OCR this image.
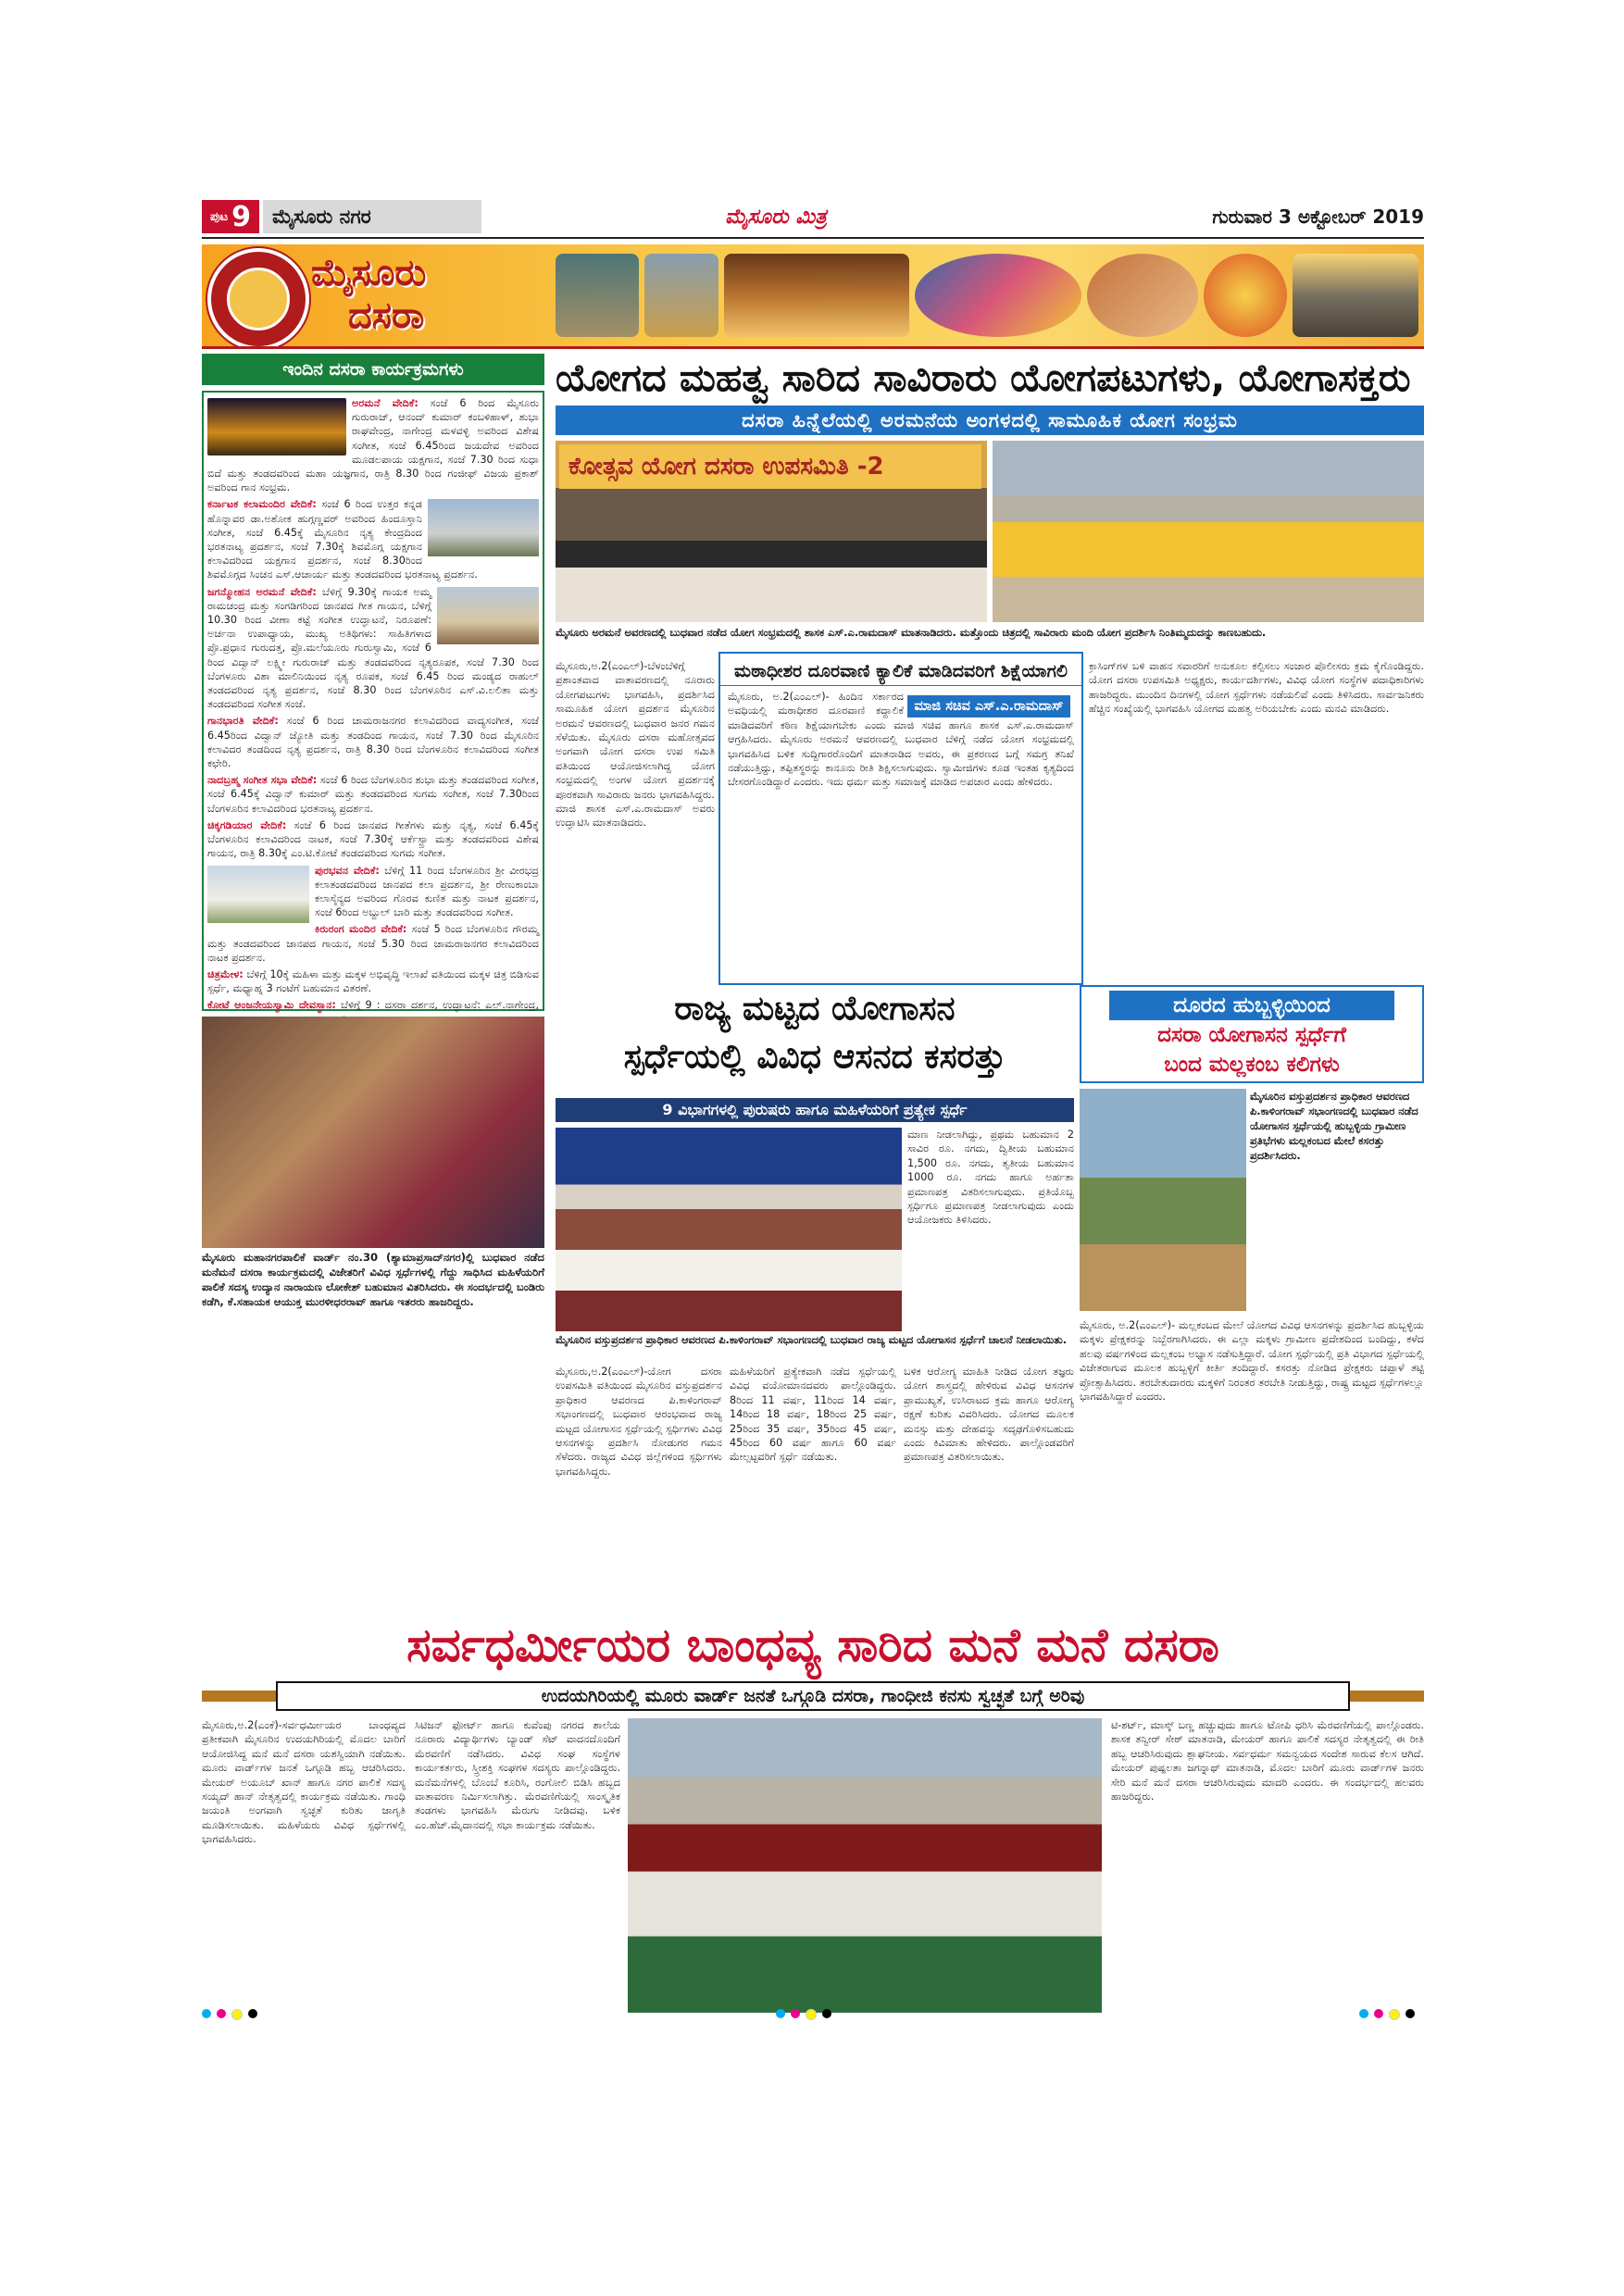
ಪುಟ 9	ಮೈಸೂರು ನಗರ	ಮೈಸೂರು ಮಿತ್ರ	ಗುರುವಾರ 3 ಅಕ್ಟೋಬರ್ 2019
ಮೈಸೂರು
ದಸರಾ
ಇಂದಿನ ದಸರಾ ಕಾರ್ಯಕ್ರಮಗಳು

ಅರಮನೆ ವೇದಿಕೆ: ಸಂಜೆ 6 ರಿಂದ ಮೈಸೂರು ಗುರುರಾಜ್, ಆನಂದ್ ಕುಮಾರ್ ಕಂಬಳಿಹಾಳ್, ಶುಭಾ ರಾಘವೇಂದ್ರ, ನಾಗೇಂದ್ರ ಮಳವಳ್ಳಿ ಅವರಿಂದ ವಿಶೇಷ ಸಂಗೀತ, ಸಂಜೆ 6.45ರಿಂದ ಜಯದೇವ ಅವರಿಂದ ಮೂಡಲಪಾಯ ಯಕ್ಷಗಾನ, ಸಂಜೆ 7.30 ರಿಂದ ಸುಧಾ ಬಿದೆ ಮತ್ತು ತಂಡದವರಿಂದ ಮಹಾ ಯಜ್ಞಗಾನ, ರಾತ್ರಿ 8.30 ರಿಂದ ಗಂಜೀಫ್ ವಿಜಯ ಪ್ರಕಾಶ್ ಅವರಿಂದ ಗಾನ ಸಂಭ್ರಮ.

ಕರ್ನಾಟಕ ಕಲಾಮಂದಿರ ವೇದಿಕೆ: ಸಂಜೆ 6 ರಿಂದ ಉತ್ತರ ಕನ್ನಡ ಹೊನ್ನಾವರ ಡಾ.ಅಶೋಕ ಹುಗ್ಗಣ್ಣವರ್ ಅವರಿಂದ ಹಿಂದೂಸ್ತಾನಿ ಸಂಗೀತ, ಸಂಜೆ 6.45ಕ್ಕೆ ಮೈಸೂರಿನ ನೃತ್ಯ ಕೇಂದ್ರದಿಂದ ಭರತನಾಟ್ಯ ಪ್ರದರ್ಶನ, ಸಂಜೆ 7.30ಕ್ಕೆ ಶಿವಮೊಗ್ಗ ಯಕ್ಷಗಾನ ಕಲಾವಿದರಿಂದ ಯಕ್ಷಗಾನ ಪ್ರದರ್ಶನ, ಸಂಜೆ 8.30ರಿಂದ ಶಿವಮೊಗ್ಗದ ಸಿಂಚನ ಎಸ್.ಆಚಾರ್ಯ ಮತ್ತು ತಂಡದವರಿಂದ ಭರತನಾಟ್ಯ ಪ್ರದರ್ಶನ.

ಜಗನ್ಮೋಹನ ಅರಮನೆ ವೇದಿಕೆ: ಬೆಳಿಗ್ಗೆ 9.30ಕ್ಕೆ ಗಾಯಕ ಅಮ್ಮ ರಾಮಚಂದ್ರ ಮತ್ತು ಸಂಗಡಿಗರಿಂದ ಜಾನಪದ ಗೀತ ಗಾಯನ, ಬೆಳಿಗ್ಗೆ 10.30 ರಿಂದ ವೀಣಾ ಕಟ್ಟೆ ಸಂಗೀತ ಉದ್ಘಾಟನೆ, ನಿರೂಪಣೆ: ಅರ್ಚನಾ ಉಪಾಧ್ಯಾಯ, ಮುಖ್ಯ ಅತಿಥಿಗಳು: ಸಾಹಿತಿಗಳಾದ ಪ್ರೊ.ಪ್ರಧಾನ ಗುರುದತ್ತ, ಪ್ರೊ.ಮಲೆಯೂರು ಗುರುಸ್ವಾಮಿ, ಸಂಜೆ 6 ರಿಂದ ವಿದ್ವಾನ್ ಲಕ್ಷ್ಮೀ ಗುರುರಾಜ್ ಮತ್ತು ತಂಡದವರಿಂದ ನೃತ್ಯರೂಪಕ, ಸಂಜೆ 7.30 ರಿಂದ ಬೆಂಗಳೂರು ವಿಶಾ ಮಾಲಿನಿಯಿಂದ ನೃತ್ಯ ರೂಪಕ, ಸಂಜೆ 6.45 ರಿಂದ ಮಂಡ್ಯದ ರಾಹುಲ್ ತಂಡದವರಿಂದ ನೃತ್ಯ ಪ್ರದರ್ಶನ, ಸಂಜೆ 8.30 ರಿಂದ ಬೆಂಗಳೂರಿನ ಎಸ್.ವಿ.ಲಲಿತಾ ಮತ್ತು ತಂಡದವರಿಂದ ಸಂಗೀತ ಸಂಜೆ.

ಗಾನಭಾರತಿ ವೇದಿಕೆ: ಸಂಜೆ 6 ರಿಂದ ಚಾಮರಾಜನಗರ ಕಲಾವಿದರಿಂದ ವಾದ್ಯಸಂಗೀತ, ಸಂಜೆ 6.45ರಿಂದ ವಿದ್ವಾನ್ ಜ್ಯೋತಿ ಮತ್ತು ತಂಡದಿಂದ ಗಾಯನ, ಸಂಜೆ 7.30 ರಿಂದ ಮೈಸೂರಿನ ಕಲಾವಿದರ ತಂಡದಿಂದ ನೃತ್ಯ ಪ್ರದರ್ಶನ, ರಾತ್ರಿ 8.30 ರಿಂದ ಬೆಂಗಳೂರಿನ ಕಲಾವಿದರಿಂದ ಸಂಗೀತ ಕಛೇರಿ.

ನಾದಬ್ರಹ್ಮ ಸಂಗೀತ ಸಭಾ ವೇದಿಕೆ: ಸಂಜೆ 6 ರಿಂದ ಬೆಂಗಳೂರಿನ ಶುಭಾ ಮತ್ತು ತಂಡದವರಿಂದ ಸಂಗೀತ, ಸಂಜೆ 6.45ಕ್ಕೆ ವಿದ್ವಾನ್ ಕುಮಾರ್ ಮತ್ತು ತಂಡದವರಿಂದ ಸುಗಮ ಸಂಗೀತ, ಸಂಜೆ 7.30ರಿಂದ ಬೆಂಗಳೂರಿನ ಕಲಾವಿದರಿಂದ ಭರತನಾಟ್ಯ ಪ್ರದರ್ಶನ.

ಚಿಕ್ಕಗಡಿಯಾರ ವೇದಿಕೆ: ಸಂಜೆ 6 ರಿಂದ ಜಾನಪದ ಗೀತೆಗಳು ಮತ್ತು ನೃತ್ಯ, ಸಂಜೆ 6.45ಕ್ಕೆ ಬೆಂಗಳೂರಿನ ಕಲಾವಿದರಿಂದ ನಾಟಕ, ಸಂಜೆ 7.30ಕ್ಕೆ ಆರ್ಕೆಸ್ಟ್ರಾ ಮತ್ತು ತಂಡದವರಿಂದ ವಿಶೇಷ ಗಾಯನ, ರಾತ್ರಿ 8.30ಕ್ಕೆ ಎಂ.ಟಿ.ಕೋಟೆ ತಂಡದವರಿಂದ ಸುಗಮ ಸಂಗೀತ.

ಪುರಭವನ ವೇದಿಕೆ: ಬೆಳಿಗ್ಗೆ 11 ರಿಂದ ಬೆಂಗಳೂರಿನ ಶ್ರೀ ವೀರಭದ್ರ ಕಲಾತಂಡದವರಿಂದ ಜಾನಪದ ಕಲಾ ಪ್ರದರ್ಶನ, ಶ್ರೀ ರೇಣುಕಾಂಬಾ ಕಲಾಸೈನ್ಯದ ಅವರಿಂದ ಗೊರವ ಕುಣಿತ ಮತ್ತು ನಾಟಕ ಪ್ರದರ್ಶನ, ಸಂಜೆ 6ರಿಂದ ಅಬ್ದುಲ್ ಬಾರಿ ಮತ್ತು ತಂಡದವರಿಂದ ಸಂಗೀತ.

ಕಿರುರಂಗ ಮಂದಿರ ವೇದಿಕೆ: ಸಂಜೆ 5 ರಿಂದ ಬೆಂಗಳೂರಿನ ಗೌರಮ್ಮ ಮತ್ತು ತಂಡದವರಿಂದ ಜಾನಪದ ಗಾಯನ, ಸಂಜೆ 5.30 ರಿಂದ ಚಾಮರಾಜನಗರ ಕಲಾವಿದರಿಂದ ನಾಟಕ ಪ್ರದರ್ಶನ.

ಚಿತ್ರಮೇಳ: ಬೆಳಿಗ್ಗೆ 10ಕ್ಕೆ ಮಹಿಳಾ ಮತ್ತು ಮಕ್ಕಳ ಅಭಿವೃದ್ಧಿ ಇಲಾಖೆ ವತಿಯಿಂದ ಮಕ್ಕಳ ಚಿತ್ರ ಬಿಡಿಸುವ ಸ್ಪರ್ಧೆ, ಮಧ್ಯಾಹ್ನ 3 ಗಂಟೆಗೆ ಬಹುಮಾನ ವಿತರಣೆ.

ಕೋಟೆ ಆಂಜನೇಯಸ್ವಾಮಿ ದೇವಸ್ಥಾನ: ಬೆಳಿಗ್ಗೆ 9 : ದಸರಾ ದರ್ಶನ, ಉದ್ಘಾಟನೆ: ಎಲ್.ನಾಗೇಂದ್ರ,

ಮೈಸೂರು ಮಹಾನಗರಪಾಲಿಕೆ ವಾರ್ಡ್ ನಂ.30 (ಶ್ಯಾಮಾಪ್ರಸಾದ್‌ನಗರ)ಲ್ಲಿ ಬುಧವಾರ ನಡೆದ ಮನೆಮನೆ ದಸರಾ ಕಾರ್ಯಕ್ರಮದಲ್ಲಿ ವಿಜೇತರಿಗೆ ವಿವಿಧ ಸ್ಪರ್ಧೆಗಳಲ್ಲಿ ಗೆದ್ದು ಸಾಧಿಸಿದ ಮಹಿಳೆಯರಿಗೆ ಪಾಲಿಕೆ ಸದಸ್ಯ ಉದ್ಯಾನ ನಾರಾಯಣ ಲೋಕೇಶ್ ಬಹುಮಾನ ವಿತರಿಸಿದರು. ಈ ಸಂದರ್ಭದಲ್ಲಿ ಬಂಡಿರು ಕಡೆಗಿ, ಕೆ.ಸಹಾಯಕ ಆಯುಕ್ತ ಮುರಳೀಧರರಾವ್ ಹಾಗೂ ಇತರರು ಹಾಜರಿದ್ದರು.
ಯೋಗದ ಮಹತ್ವ ಸಾರಿದ ಸಾವಿರಾರು ಯೋಗಪಟುಗಳು, ಯೋಗಾಸಕ್ತರು
ದಸರಾ ಹಿನ್ನೆಲೆಯಲ್ಲಿ ಅರಮನೆಯ ಅಂಗಳದಲ್ಲಿ ಸಾಮೂಹಿಕ ಯೋಗ ಸಂಭ್ರಮ
ಕೋತ್ಸವ ಯೋಗ ದಸರಾ ಉಪಸಮಿತಿ -2
ಮೈಸೂರು ಅರಮನೆ ಅವರಣದಲ್ಲಿ ಬುಧವಾರ ನಡೆದ ಯೋಗ ಸಂಭ್ರಮದಲ್ಲಿ ಶಾಸಕ ಎಸ್.ಎ.ರಾಮದಾಸ್ ಮಾತನಾಡಿದರು. ಮತ್ತೊಂದು ಚಿತ್ರದಲ್ಲಿ ಸಾವಿರಾರು ಮಂದಿ ಯೋಗ ಪ್ರದರ್ಶಿಸಿ ನಿಂತಿಮ್ಮದುದನ್ನು ಕಾಣಬಹುದು.

ಮೈಸೂರು,ಅ.2(ಎಂಎಲ್)-ಬೆಳಂಬೆಳಿಗ್ಗೆ ಪ್ರಶಾಂತವಾದ ವಾತಾವರಣದಲ್ಲಿ ನೂರಾರು ಯೋಗಪಟುಗಳು ಭಾಗವಹಿಸಿ, ಪ್ರದರ್ಶಿಸಿದ ಸಾಮೂಹಿಕ ಯೋಗ ಪ್ರದರ್ಶನ ಮೈಸೂರಿನ ಅರಮನೆ ಆವರಣದಲ್ಲಿ ಬುಧವಾರ ಜನರ ಗಮನ ಸೆಳೆಯಿತು. ಮೈಸೂರು ದಸರಾ ಮಹೋತ್ಸವದ ಅಂಗವಾಗಿ ಯೋಗ ದಸರಾ ಉಪ ಸಮಿತಿ ವತಿಯಿಂದ ಆಯೋಜಿಸಲಾಗಿದ್ದ ಯೋಗ ಸಂಭ್ರಮದಲ್ಲಿ ಅಂಗಳ ಯೋಗ ಪ್ರದರ್ಶನಕ್ಕೆ ಪೂರಕವಾಗಿ ಸಾವಿರಾರು ಜನರು ಭಾಗವಹಿಸಿದ್ದರು. ಮಾಜಿ ಶಾಸಕ ಎಸ್.ಎ.ರಾಮದಾಸ್ ಅವರು ಉದ್ಘಾಟಿಸಿ ಮಾತನಾಡಿದರು.

ಮಠಾಧೀಶರ ದೂರವಾಣಿ ಕ್ಯಾಲಿಕೆ ಮಾಡಿದವರಿಗೆ ಶಿಕ್ಷೆಯಾಗಲಿ
ಮಾಜಿ ಸಚಿವ ಎಸ್.ಎ.ರಾಮದಾಸ್
ಮೈಸೂರು, ಅ.2(ಎಂಎಲ್)- ಹಿಂದಿನ ಸರ್ಕಾರದ ಅವಧಿಯಲ್ಲಿ ಮಠಾಧೀಶರ ದೂರವಾಣಿ ಕದ್ದಾಲಿಕೆ ಮಾಡಿದವರಿಗೆ ಕಠಿಣ ಶಿಕ್ಷೆಯಾಗಬೇಕು ಎಂದು ಮಾಜಿ ಸಚಿವ ಹಾಗೂ ಶಾಸಕ ಎಸ್.ಎ.ರಾಮದಾಸ್ ಆಗ್ರಹಿಸಿದರು. ಮೈಸೂರು ಅರಮನೆ ಆವರಣದಲ್ಲಿ ಬುಧವಾರ ಬೆಳಿಗ್ಗೆ ನಡೆದ ಯೋಗ ಸಂಭ್ರಮದಲ್ಲಿ ಭಾಗವಹಿಸಿದ ಬಳಿಕ ಸುದ್ದಿಗಾರರೊಂದಿಗೆ ಮಾತನಾಡಿದ ಅವರು, ಈ ಪ್ರಕರಣದ ಬಗ್ಗೆ ಸಮಗ್ರ ತನಿಖೆ ನಡೆಯುತ್ತಿದ್ದು, ತಪ್ಪಿತಸ್ಥರನ್ನು ಕಾನೂನು ರೀತಿ ಶಿಕ್ಷಿಸಲಾಗುವುದು. ಸ್ವಾಮೀಜಿಗಳು ಕೂಡ ಇಂತಹ ಕೃತ್ಯದಿಂದ ಬೇಸರಗೊಂಡಿದ್ದಾರೆ ಎಂದರು. ಇದು ಧರ್ಮ ಮತ್ತು ಸಮಾಜಕ್ಕೆ ಮಾಡಿದ ಅಪಚಾರ ಎಂದು ಹೇಳಿದರು.

ಕ್ರಾಸಿಂಗ್‌ಗಳ ಬಳಿ ವಾಹನ ಸವಾರರಿಗೆ ಅನುಕೂಲ ಕಲ್ಪಿಸಲು ಸಂಚಾರ ಪೊಲೀಸರು ಕ್ರಮ ಕೈಗೊಂಡಿದ್ದರು. ಯೋಗ ದಸರಾ ಉಪಸಮಿತಿ ಅಧ್ಯಕ್ಷರು, ಕಾರ್ಯದರ್ಶಿಗಳು, ವಿವಿಧ ಯೋಗ ಸಂಸ್ಥೆಗಳ ಪದಾಧಿಕಾರಿಗಳು ಹಾಜರಿದ್ದರು. ಮುಂದಿನ ದಿನಗಳಲ್ಲಿ ಯೋಗ ಸ್ಪರ್ಧೆಗಳು ನಡೆಯಲಿವೆ ಎಂದು ತಿಳಿಸಿದರು. ಸಾರ್ವಜನಿಕರು ಹೆಚ್ಚಿನ ಸಂಖ್ಯೆಯಲ್ಲಿ ಭಾಗವಹಿಸಿ ಯೋಗದ ಮಹತ್ವ ಅರಿಯಬೇಕು ಎಂದು ಮನವಿ ಮಾಡಿದರು.

ರಾಜ್ಯ ಮಟ್ಟದ ಯೋಗಾಸನ
ಸ್ಪರ್ಧೆಯಲ್ಲಿ ವಿವಿಧ ಆಸನದ ಕಸರತ್ತು
9 ವಿಭಾಗಗಳಲ್ಲಿ ಪುರುಷರು ಹಾಗೂ ಮಹಿಳೆಯರಿಗೆ ಪ್ರತ್ಯೇಕ ಸ್ಪರ್ಧೆ

ಮಾಣ ನೀಡಲಾಗಿದ್ದು, ಪ್ರಥಮ ಬಹುಮಾನ 2 ಸಾವಿರ ರೂ. ನಗದು, ದ್ವಿತೀಯ ಬಹುಮಾನ 1,500 ರೂ. ನಗದು, ತೃತೀಯ ಬಹುಮಾನ 1000 ರೂ. ನಗದು ಹಾಗೂ ಅರ್ಹತಾ ಪ್ರಮಾಣಪತ್ರ ವಿತರಿಸಲಾಗುವುದು. ಪ್ರತಿಯೊಬ್ಬ ಸ್ಪರ್ಧಿಗೂ ಪ್ರಮಾಣಪತ್ರ ನೀಡಲಾಗುವುದು ಎಂದು ಆಯೋಜಕರು ತಿಳಿಸಿದರು.

ಮೈಸೂರಿನ ವಸ್ತುಪ್ರದರ್ಶನ ಪ್ರಾಧಿಕಾರ ಆವರಣದ ಪಿ.ಕಾಳಿಂಗರಾವ್ ಸಭಾಂಗಣದಲ್ಲಿ ಬುಧವಾರ ರಾಜ್ಯ ಮಟ್ಟದ ಯೋಗಾಸನ ಸ್ಪರ್ಧೆಗೆ ಚಾಲನೆ ನೀಡಲಾಯಿತು.

ಮೈಸೂರು,ಅ.2(ಎಂಎಲ್)-ಯೋಗ ದಸರಾ ಉಪಸಮಿತಿ ವತಿಯಿಂದ ಮೈಸೂರಿನ ವಸ್ತುಪ್ರದರ್ಶನ ಪ್ರಾಧಿಕಾರ ಆವರಣದ ಪಿ.ಕಾಳಿಂಗರಾವ್ ಸಭಾಂಗಣದಲ್ಲಿ ಬುಧವಾರ ಆರಂಭವಾದ ರಾಜ್ಯ ಮಟ್ಟದ ಯೋಗಾಸನ ಸ್ಪರ್ಧೆಯಲ್ಲಿ ಸ್ಪರ್ಧಿಗಳು ವಿವಿಧ ಆಸನಗಳನ್ನು ಪ್ರದರ್ಶಿಸಿ ನೋಡುಗರ ಗಮನ ಸೆಳೆದರು. ರಾಜ್ಯದ ವಿವಿಧ ಜಿಲ್ಲೆಗಳಿಂದ ಸ್ಪರ್ಧಿಗಳು ಭಾಗವಹಿಸಿದ್ದರು.

ಮಹಿಳೆಯರಿಗೆ ಪ್ರತ್ಯೇಕವಾಗಿ ನಡೆದ ಸ್ಪರ್ಧೆಯಲ್ಲಿ ವಿವಿಧ ವಯೋಮಾನದವರು ಪಾಲ್ಗೊಂಡಿದ್ದರು. 8ರಿಂದ 11 ವರ್ಷ, 11ರಿಂದ 14 ವರ್ಷ, 14ರಿಂದ 18 ವರ್ಷ, 18ರಿಂದ 25 ವರ್ಷ, 25ರಿಂದ 35 ವರ್ಷ, 35ರಿಂದ 45 ವರ್ಷ, 45ರಿಂದ 60 ವರ್ಷ ಹಾಗೂ 60 ವರ್ಷ ಮೇಲ್ಪಟ್ಟವರಿಗೆ ಸ್ಪರ್ಧೆ ನಡೆಯಿತು.

ಬಳಿಕ ಆರೋಗ್ಯ ಮಾಹಿತಿ ನೀಡಿದ ಯೋಗ ತಜ್ಞರು ಯೋಗ ಶಾಸ್ತ್ರದಲ್ಲಿ ಹೇಳಿರುವ ವಿವಿಧ ಆಸನಗಳ ಪ್ರಾಮುಖ್ಯತೆ, ಉಸಿರಾಟದ ಕ್ರಮ ಹಾಗೂ ಆರೋಗ್ಯ ರಕ್ಷಣೆ ಕುರಿತು ವಿವರಿಸಿದರು. ಯೋಗದ ಮೂಲಕ ಮನಸ್ಸು ಮತ್ತು ದೇಹವನ್ನು ಸದೃಢಗೊಳಿಸಬಹುದು ಎಂದು ಕಿವಿಮಾತು ಹೇಳಿದರು. ಪಾಲ್ಗೊಂಡವರಿಗೆ ಪ್ರಮಾಣಪತ್ರ ವಿತರಿಸಲಾಯಿತು.

ದೂರದ ಹುಬ್ಬಳ್ಳಿಯಿಂದ
ದಸರಾ ಯೋಗಾಸನ ಸ್ಪರ್ಧೆಗೆ
ಬಂದ ಮಲ್ಲಕಂಬ ಕಲಿಗಳು
ಮೈಸೂರಿನ ವಸ್ತುಪ್ರದರ್ಶನ ಪ್ರಾಧಿಕಾರ ಆವರಣದ ಪಿ.ಕಾಳಿಂಗರಾವ್ ಸಭಾಂಗಣದಲ್ಲಿ ಬುಧವಾರ ನಡೆದ ಯೋಗಾಸನ ಸ್ಪರ್ಧೆಯಲ್ಲಿ ಹುಬ್ಬಳ್ಳಿಯ ಗ್ರಾಮೀಣ ಪ್ರತಿಭೆಗಳು ಮಲ್ಲಕಂಬದ ಮೇಲೆ ಕಸರತ್ತು ಪ್ರದರ್ಶಿಸಿದರು.

ಮೈಸೂರು, ಅ.2(ಎಂಎಲ್)- ಮಲ್ಲಕಂಬದ ಮೇಲೆ ಯೋಗದ ವಿವಿಧ ಆಸನಗಳನ್ನು ಪ್ರದರ್ಶಿಸಿದ ಹುಬ್ಬಳ್ಳಿಯ ಮಕ್ಕಳು ಪ್ರೇಕ್ಷಕರನ್ನು ನಿಬ್ಬೆರಗಾಗಿಸಿದರು. ಈ ಎಲ್ಲಾ ಮಕ್ಕಳು ಗ್ರಾಮೀಣ ಪ್ರದೇಶದಿಂದ ಬಂದಿದ್ದು, ಕಳೆದ ಹಲವು ವರ್ಷಗಳಿಂದ ಮಲ್ಲಕಂಬ ಅಭ್ಯಾಸ ನಡೆಸುತ್ತಿದ್ದಾರೆ. ಯೋಗ ಸ್ಪರ್ಧೆಯಲ್ಲಿ ಪ್ರತಿ ವಿಭಾಗದ ಸ್ಪರ್ಧೆಯಲ್ಲಿ ವಿಜೇತರಾಗುವ ಮೂಲಕ ಹುಬ್ಬಳ್ಳಿಗೆ ಕೀರ್ತಿ ತಂದಿದ್ದಾರೆ. ಕಸರತ್ತು ನೋಡಿದ ಪ್ರೇಕ್ಷಕರು ಚಪ್ಪಾಳೆ ತಟ್ಟಿ ಪ್ರೋತ್ಸಾಹಿಸಿದರು. ತರಬೇತುದಾರರು ಮಕ್ಕಳಿಗೆ ನಿರಂತರ ತರಬೇತಿ ನೀಡುತ್ತಿದ್ದು, ರಾಷ್ಟ್ರ ಮಟ್ಟದ ಸ್ಪರ್ಧೆಗಳಲ್ಲೂ ಭಾಗವಹಿಸಿದ್ದಾರೆ ಎಂದರು.

ಸರ್ವಧರ್ಮೀಯರ ಬಾಂಧವ್ಯ ಸಾರಿದ ಮನೆ ಮನೆ ದಸರಾ
ಉದಯಗಿರಿಯಲ್ಲಿ ಮೂರು ವಾರ್ಡ್ ಜನತೆ ಒಗ್ಗೂಡಿ ದಸರಾ, ಗಾಂಧೀಜಿ ಕನಸು ಸ್ವಚ್ಛತೆ ಬಗ್ಗೆ ಅರಿವು

ಮೈಸೂರು,ಅ.2(ಎಂಕೆ)-ಸರ್ವಧರ್ಮೀಯರ ಬಾಂಧವ್ಯದ ಪ್ರತೀಕವಾಗಿ ಮೈಸೂರಿನ ಉದಯಗಿರಿಯಲ್ಲಿ ಮೊದಲ ಬಾರಿಗೆ ಆಯೋಜಿಸಿದ್ದ ಮನೆ ಮನೆ ದಸರಾ ಯಶಸ್ವಿಯಾಗಿ ನಡೆಯಿತು. ಮೂರು ವಾರ್ಡ್‌ಗಳ ಜನತೆ ಒಗ್ಗೂಡಿ ಹಬ್ಬ ಆಚರಿಸಿದರು. ಮೇಯರ್ ಅಯೂಬ್ ಖಾನ್ ಹಾಗೂ ನಗರ ಪಾಲಿಕೆ ಸದಸ್ಯ ಸಯ್ಯದ್ ಹಾನ್ ನೇತೃತ್ವದಲ್ಲಿ ಕಾರ್ಯಕ್ರಮ ನಡೆಯಿತು. ಗಾಂಧಿ ಜಯಂತಿ ಅಂಗವಾಗಿ ಸ್ವಚ್ಛತೆ ಕುರಿತು ಜಾಗೃತಿ ಮೂಡಿಸಲಾಯಿತು. ಮಹಿಳೆಯರು ವಿವಿಧ ಸ್ಪರ್ಧೆಗಳಲ್ಲಿ ಭಾಗವಹಿಸಿದರು.

ಸಿಟಿಜನ್ ಫೋರ್ಟ್ ಹಾಗೂ ಕುವೆಂಪು ನಗರದ ಶಾಲೆಯ ನೂರಾರು ವಿದ್ಯಾರ್ಥಿಗಳು ಬ್ಯಾಂಡ್ ಸೆಟ್ ವಾದನದೊಂದಿಗೆ ಮೆರವಣಿಗೆ ನಡೆಸಿದರು. ವಿವಿಧ ಸಂಘ ಸಂಸ್ಥೆಗಳ ಕಾರ್ಯಕರ್ತರು, ಸ್ತ್ರೀಶಕ್ತಿ ಸಂಘಗಳ ಸದಸ್ಯರು ಪಾಲ್ಗೊಂಡಿದ್ದರು. ಮನೆಮನೆಗಳಲ್ಲಿ ಬೊಂಬೆ ಕೂರಿಸಿ, ರಂಗೋಲಿ ಬಿಡಿಸಿ ಹಬ್ಬದ ವಾತಾವರಣ ನಿರ್ಮಿಸಲಾಗಿತ್ತು. ಮೆರವಣಿಗೆಯಲ್ಲಿ ಸಾಂಸ್ಕೃತಿಕ ತಂಡಗಳು ಭಾಗವಹಿಸಿ ಮೆರುಗು ನೀಡಿದವು. ಬಳಿಕ ಎಂ.ಹೆಚ್.ಮೈದಾನದಲ್ಲಿ ಸಭಾ ಕಾರ್ಯಕ್ರಮ ನಡೆಯಿತು.

ಟಿ-ಶರ್ಟ್, ಮಾಸ್ಕ್ ಬಣ್ಣ ಹಚ್ಚುವುದು ಹಾಗೂ ಟೋಪಿ ಧರಿಸಿ ಮೆರವಣಿಗೆಯಲ್ಲಿ ಪಾಲ್ಗೊಂಡರು. ಶಾಸಕ ತನ್ವೀರ್ ಸೇಠ್ ಮಾತನಾಡಿ, ಮೇಯರ್ ಹಾಗೂ ಪಾಲಿಕೆ ಸದಸ್ಯರ ನೇತೃತ್ವದಲ್ಲಿ ಈ ರೀತಿ ಹಬ್ಬ ಆಚರಿಸಿರುವುದು ಶ್ಲಾಘನೀಯ. ಸರ್ವಧರ್ಮ ಸಮನ್ವಯದ ಸಂದೇಶ ಸಾರುವ ಕೆಲಸ ಆಗಿದೆ. ಮೇಯರ್ ಪುಷ್ಪಲತಾ ಜಗನ್ನಾಥ್ ಮಾತನಾಡಿ, ಮೊದಲ ಬಾರಿಗೆ ಮೂರು ವಾರ್ಡ್‌ಗಳ ಜನರು ಸೇರಿ ಮನೆ ಮನೆ ದಸರಾ ಆಚರಿಸಿರುವುದು ಮಾದರಿ ಎಂದರು. ಈ ಸಂದರ್ಭದಲ್ಲಿ ಹಲವರು ಹಾಜರಿದ್ದರು.
